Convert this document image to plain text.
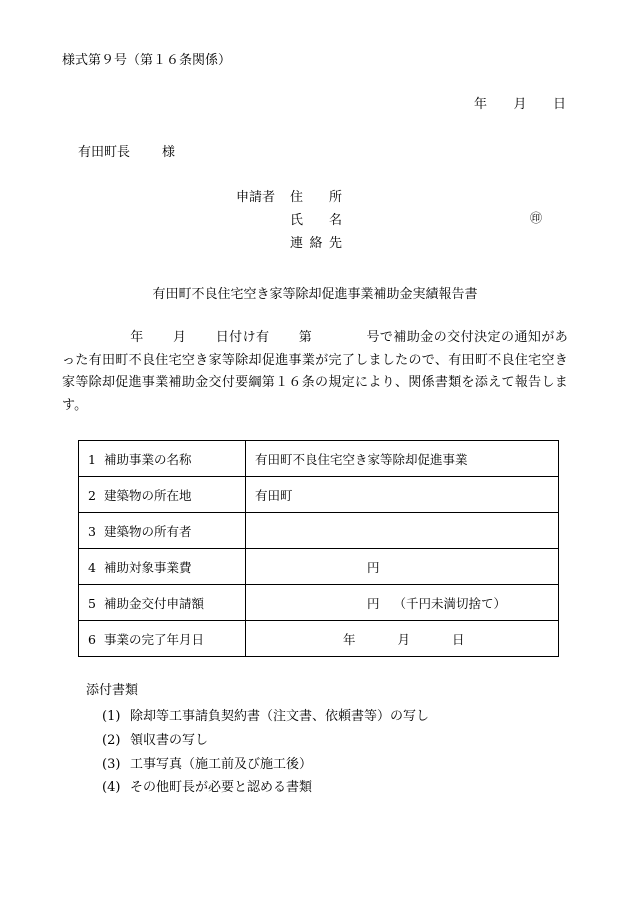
様式第９号（第１６条関係）
年 月 日
有田町長 様
申請者 住 所
氏 名	㊞
連 絡 先
有田町不良住宅空き家等除却促進事業補助金実績報告書
年 月 日付け有 第	号で補助金の交付決定の通知があった有田町不良住宅空き家等除却促進事業が完了しましたので、有田町不良住宅空き家等除却促進事業補助金交付要綱第１６条の規定により、関係書類を添えて報告します。
1 補助事業の名称	有田町不良住宅空き家等除却促進事業
2 建築物の所在地	有田町
3 建築物の所有者	
4 補助対象事業費	円
5 補助金交付申請額	円 （千円未満切捨て）
6 事業の完了年月日	年 月 日
添付書類
(1) 除却等工事請負契約書（注文書、依頼書等）の写し
(2) 領収書の写し
(3) 工事写真（施工前及び施工後）
(4) その他町長が必要と認める書類
